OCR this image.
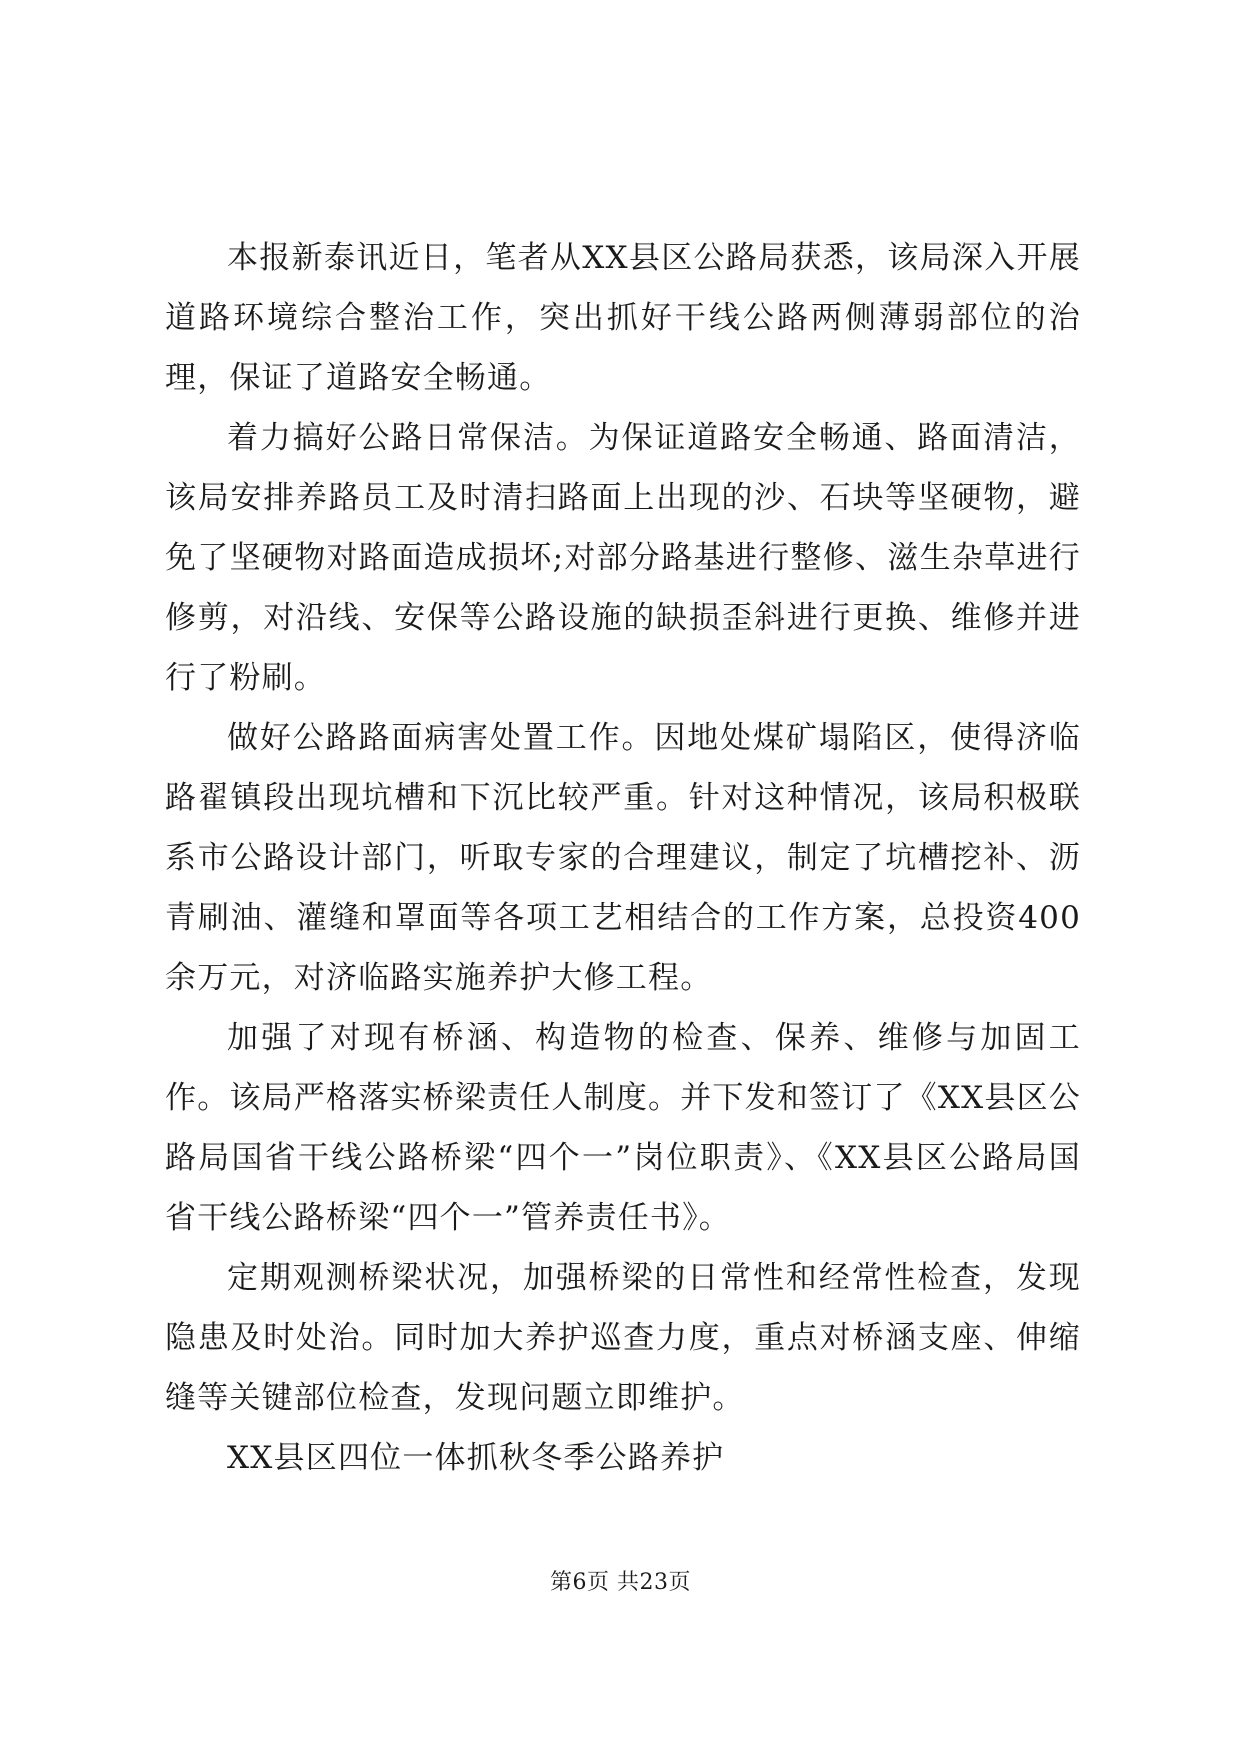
本报新泰讯近日，笔者从XX县区公路局获悉，该局深入开展道路环境综合整治工作，突出抓好干线公路两侧薄弱部位的治理，保证了道路安全畅通。

着力搞好公路日常保洁。为保证道路安全畅通、路面清洁，该局安排养路员工及时清扫路面上出现的沙、石块等坚硬物，避免了坚硬物对路面造成损坏;对部分路基进行整修、滋生杂草进行修剪，对沿线、安保等公路设施的缺损歪斜进行更换、维修并进行了粉刷。

做好公路路面病害处置工作。因地处煤矿塌陷区，使得济临路翟镇段出现坑槽和下沉比较严重。针对这种情况，该局积极联系市公路设计部门，听取专家的合理建议，制定了坑槽挖补、沥青刷油、灌缝和罩面等各项工艺相结合的工作方案，总投资400余万元，对济临路实施养护大修工程。

加强了对现有桥涵、构造物的检查、保养、维修与加固工作。该局严格落实桥梁责任人制度。并下发和签订了《XX县区公路局国省干线公路桥梁“四个一”岗位职责》、《XX县区公路局国省干线公路桥梁“四个一”管养责任书》。

定期观测桥梁状况，加强桥梁的日常性和经常性检查，发现隐患及时处治。同时加大养护巡查力度，重点对桥涵支座、伸缩缝等关键部位检查，发现问题立即维护。

XX县区四位一体抓秋冬季公路养护

第6页 共23页
